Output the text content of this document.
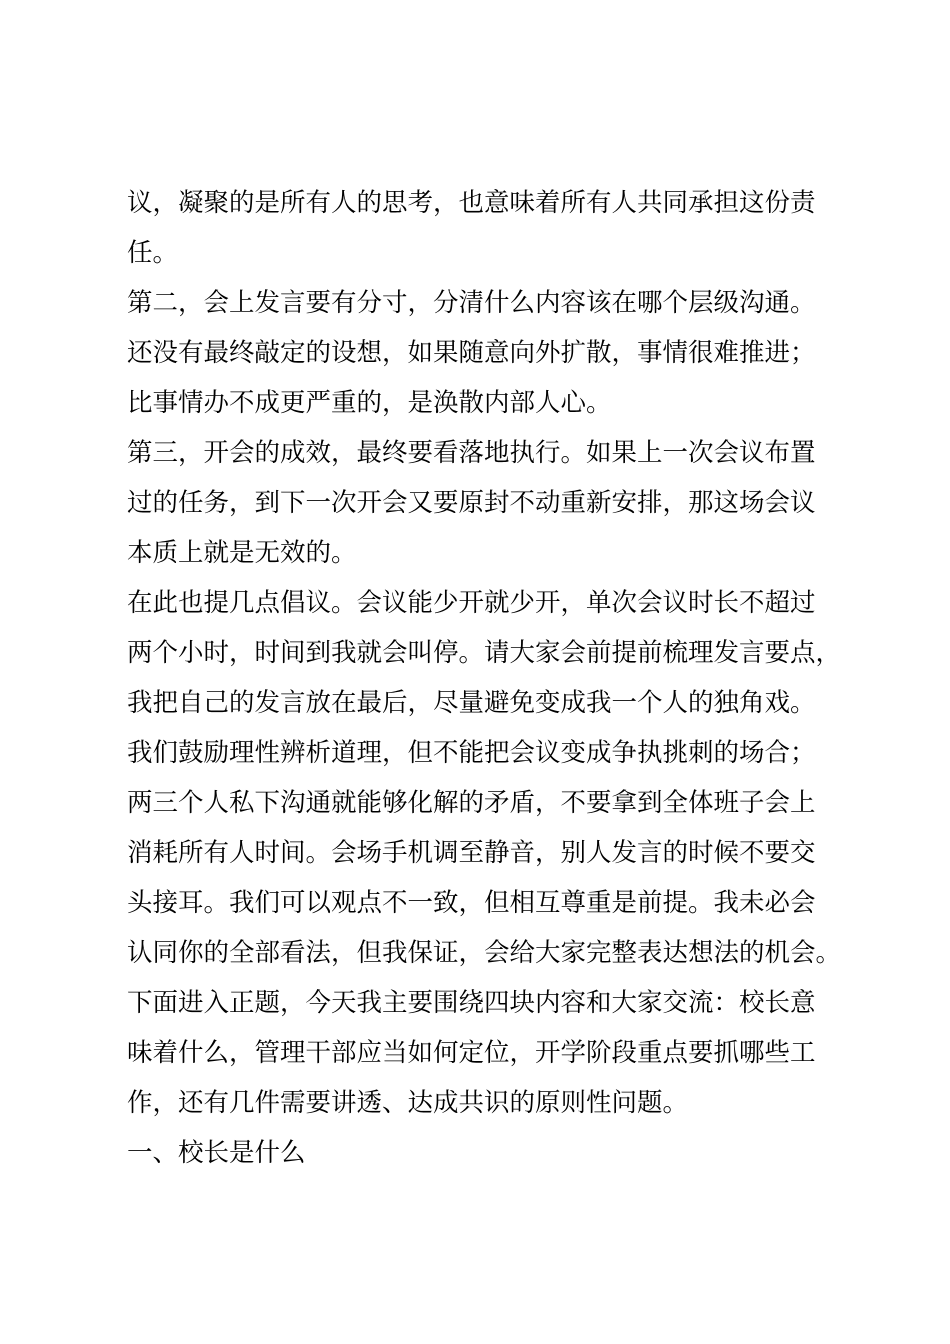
议，凝聚的是所有人的思考，也意味着所有人共同承担这份责
任。
第二，会上发言要有分寸，分清什么内容该在哪个层级沟通。
还没有最终敲定的设想，如果随意向外扩散，事情很难推进；
比事情办不成更严重的，是涣散内部人心。
第三，开会的成效，最终要看落地执行。如果上一次会议布置
过的任务，到下一次开会又要原封不动重新安排，那这场会议
本质上就是无效的。
在此也提几点倡议。会议能少开就少开，单次会议时长不超过
两个小时，时间到我就会叫停。请大家会前提前梳理发言要点，
我把自己的发言放在最后，尽量避免变成我一个人的独角戏。
我们鼓励理性辨析道理，但不能把会议变成争执挑刺的场合；
两三个人私下沟通就能够化解的矛盾，不要拿到全体班子会上
消耗所有人时间。会场手机调至静音，别人发言的时候不要交
头接耳。我们可以观点不一致，但相互尊重是前提。我未必会
认同你的全部看法，但我保证，会给大家完整表达想法的机会。
下面进入正题，今天我主要围绕四块内容和大家交流：校长意
味着什么，管理干部应当如何定位，开学阶段重点要抓哪些工
作，还有几件需要讲透、达成共识的原则性问题。
一、校长是什么
